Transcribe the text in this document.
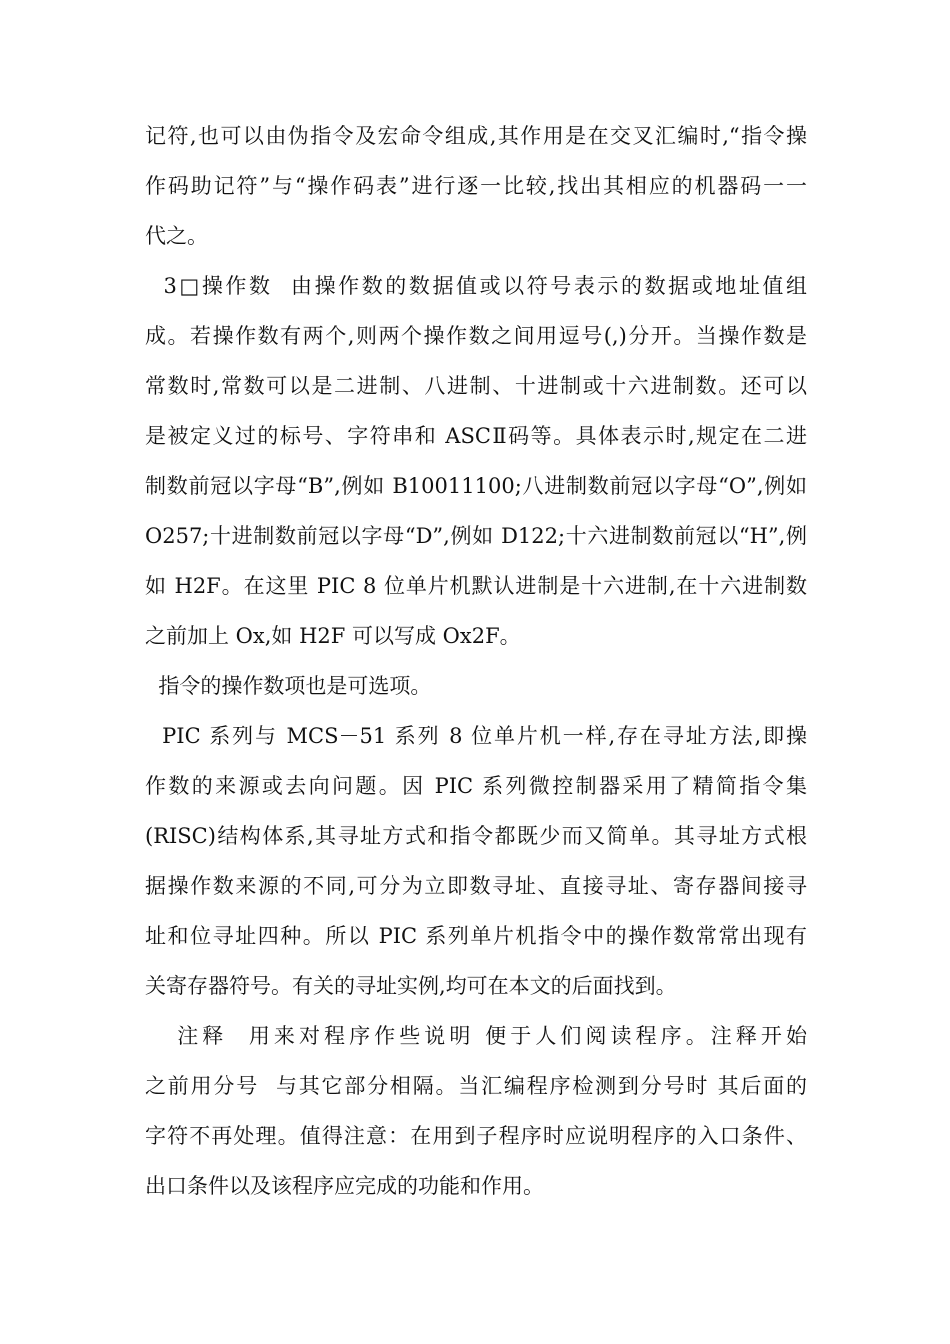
记符,也可以由伪指令及宏命令组成,其作用是在交叉汇编时,“指令操
作码助记符”与“操作码表”进行逐一比较,找出其相应的机器码一一
代之。
3□操作数  由操作数的数据值或以符号表示的数据或地址值组
成。若操作数有两个,则两个操作数之间用逗号(,)分开。当操作数是
常数时,常数可以是二进制、八进制、十进制或十六进制数。还可以
是被定义过的标号、字符串和 ASCⅡ码等。具体表示时,规定在二进
制数前冠以字母“B”,例如 B10011100;八进制数前冠以字母“O”,例如
O257;十进制数前冠以字母“D”,例如 D122;十六进制数前冠以“H”,例
如 H2F。在这里 PIC 8 位单片机默认进制是十六进制,在十六进制数
之前加上 Ox,如 H2F 可以写成 Ox2F。
指令的操作数项也是可选项。
PIC 系列与 MCS－51 系列 8 位单片机一样,存在寻址方法,即操
作数的来源或去向问题。因 PIC 系列微控制器采用了精简指令集
(RISC)结构体系,其寻址方式和指令都既少而又简单。其寻址方式根
据操作数来源的不同,可分为立即数寻址、直接寻址、寄存器间接寻
址和位寻址四种。所以 PIC 系列单片机指令中的操作数常常出现有
关寄存器符号。有关的寻址实例,均可在本文的后面找到。
注释  用来对程序作些说明 便于人们阅读程序。注释开始
之前用分号  与其它部分相隔。当汇编程序检测到分号时 其后面的
字符不再处理。值得注意：在用到子程序时应说明程序的入口条件、
出口条件以及该程序应完成的功能和作用。
